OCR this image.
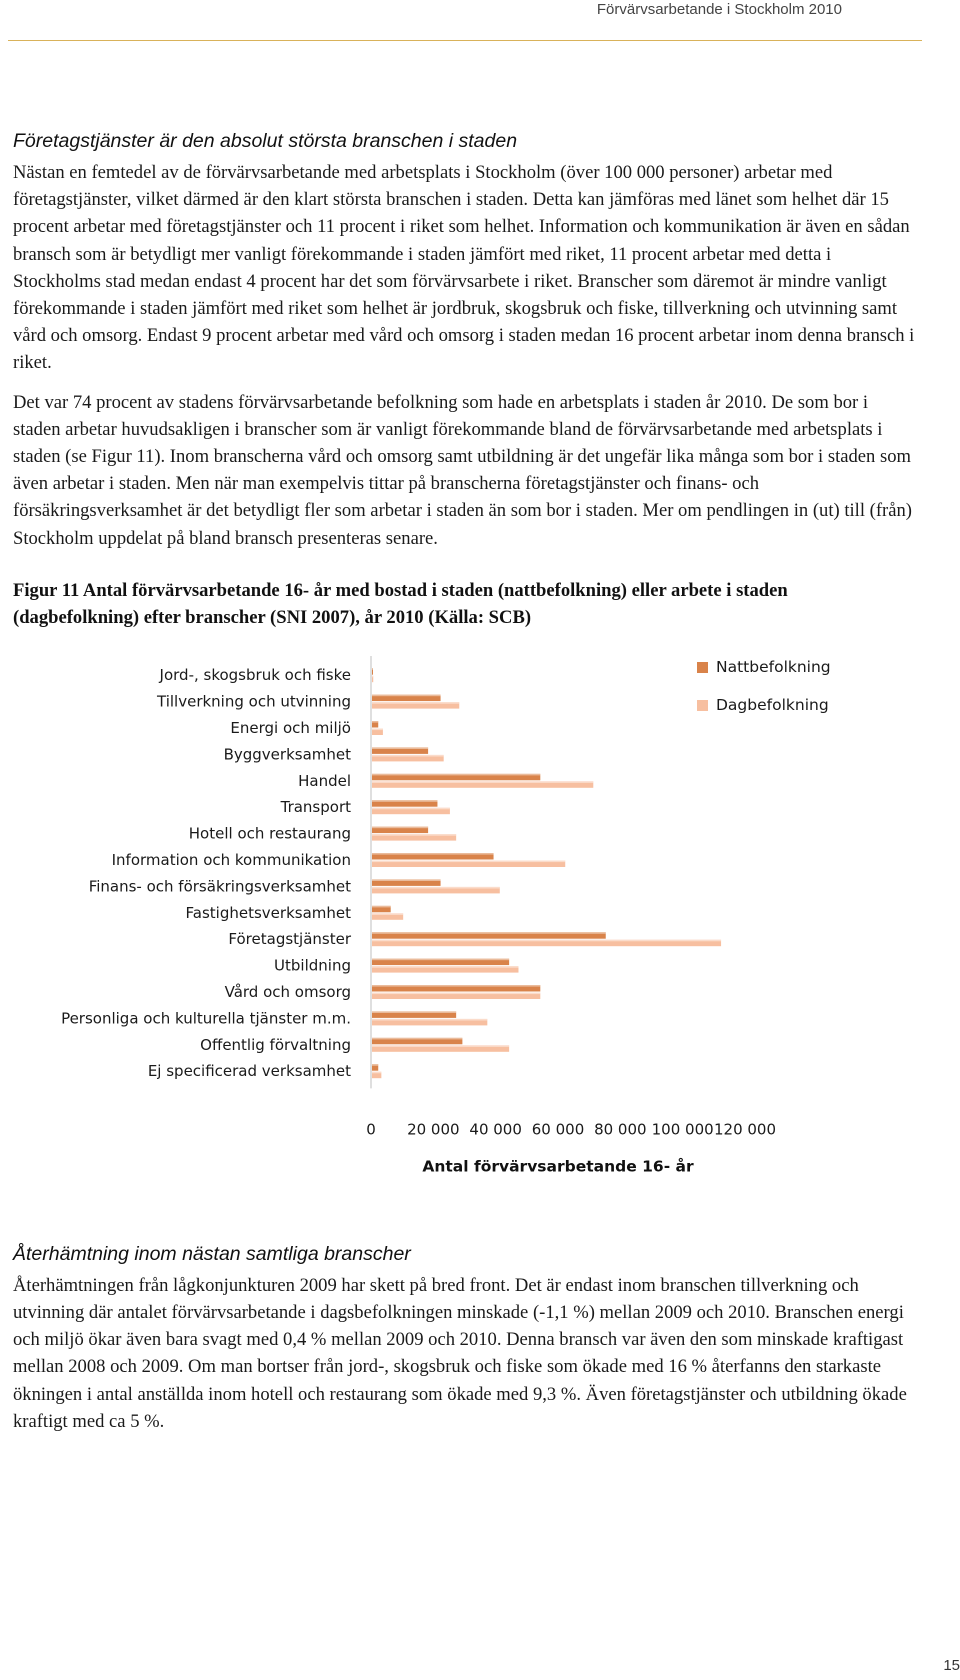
Förvärvsarbetande i Stockholm 2010
Företagstjänster är den absolut största branschen i staden

Nästan en femtedel av de förvärvsarbetande med arbetsplats i Stockholm (över 100 000 personer) arbetar med företagstjänster, vilket därmed är den klart största branschen i staden. Detta kan jämföras med länet som helhet där 15 procent arbetar med företagstjänster och 11 procent i riket som helhet. Information och kommunikation är även en sådan bransch som är betydligt mer vanligt förekommande i staden jämfört med riket, 11 procent arbetar med detta i Stockholms stad medan endast 4 procent har det som förvärvsarbete i riket. Branscher som däremot är mindre vanligt förekommande i staden jämfört med riket som helhet är jordbruk, skogsbruk och fiske, tillverkning och utvinning samt vård och omsorg. Endast 9 procent arbetar med vård och omsorg i staden medan 16 procent arbetar inom denna bransch i riket.

Det var 74 procent av stadens förvärvsarbetande befolkning som hade en arbetsplats i staden år 2010. De som bor i staden arbetar huvudsakligen i branscher som är vanligt förekommande bland de förvärvsarbetande med arbetsplats i staden (se Figur 11). Inom branscherna vård och omsorg samt utbildning är det ungefär lika många som bor i staden som även arbetar i staden. Men när man exempelvis tittar på branscherna företagstjänster och finans- och försäkringsverksamhet är det betydligt fler som arbetar i staden än som bor i staden. Mer om pendlingen in (ut) till (från) Stockholm uppdelat på bland bransch presenteras senare.

Figur 11 Antal förvärvsarbetande 16- år med bostad i staden (nattbefolkning) eller arbete i staden (dagbefolkning) efter branscher (SNI 2007), år 2010 (Källa: SCB)

Jord-, skogsbruk och fiske
Tillverkning och utvinning
Energi och miljö
Byggverksamhet
Handel
Transport
Hotell och restaurang
Information och kommunikation
Finans- och försäkringsverksamhet
Fastighetsverksamhet
Företagstjänster
Utbildning
Vård och omsorg
Personliga och kulturella tjänster m.m.
Offentlig förvaltning
Ej specificerad verksamhet
0 20 000 40 000 60 000 80 000 100 000 120 000
Antal förvärvsarbetande 16- år
Nattbefolkning
Dagbefolkning
Återhämtning inom nästan samtliga branscher

Återhämtningen från lågkonjunkturen 2009 har skett på bred front. Det är endast inom branschen tillverkning och utvinning där antalet förvärvsarbetande i dagsbefolkningen minskade (-1,1 %) mellan 2009 och 2010. Branschen energi och miljö ökar även bara svagt med 0,4 % mellan 2009 och 2010. Denna bransch var även den som minskade kraftigast mellan 2008 och 2009. Om man bortser från jord-, skogsbruk och fiske som ökade med 16 % återfanns den starkaste ökningen i antal anställda inom hotell och restaurang som ökade med 9,3 %. Även företagstjänster och utbildning ökade kraftigt med ca 5 %.

15
